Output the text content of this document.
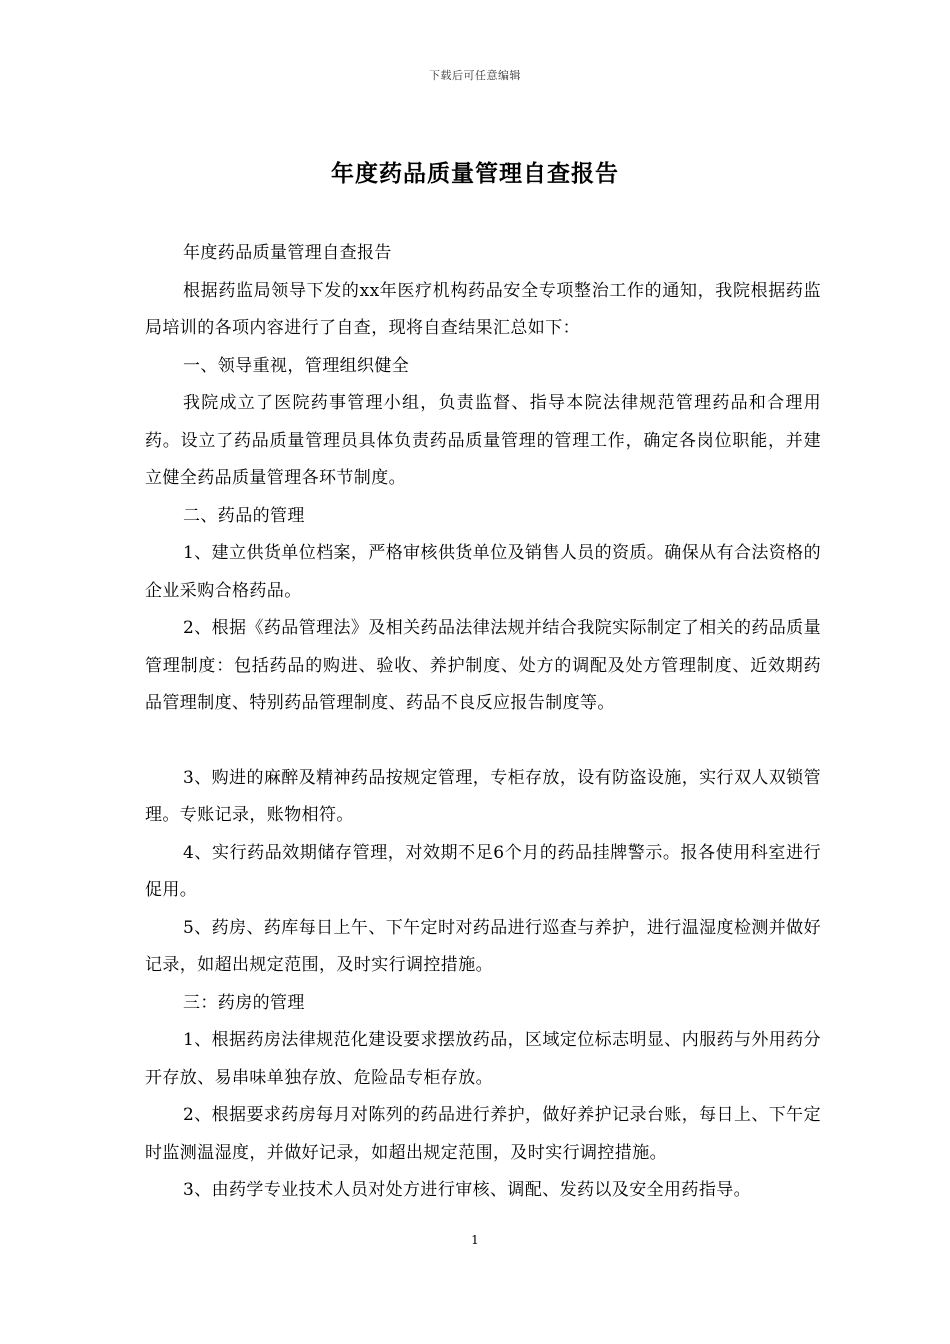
下载后可任意编辑
年度药品质量管理自查报告

年度药品质量管理自查报告

根据药监局领导下发的xx年医疗机构药品安全专项整治工作的通知，我院根据药监局培训的各项内容进行了自查，现将自查结果汇总如下：

一、领导重视，管理组织健全

我院成立了医院药事管理小组，负责监督、指导本院法律规范管理药品和合理用药。设立了药品质量管理员具体负责药品质量管理的管理工作，确定各岗位职能，并建立健全药品质量管理各环节制度。

二、药品的管理

1、建立供货单位档案，严格审核供货单位及销售人员的资质。确保从有合法资格的企业采购合格药品。

2、根据《药品管理法》及相关药品法律法规并结合我院实际制定了相关的药品质量管理制度：包括药品的购进、验收、养护制度、处方的调配及处方管理制度、近效期药品管理制度、特别药品管理制度、药品不良反应报告制度等。

3、购进的麻醉及精神药品按规定管理，专柜存放，设有防盗设施，实行双人双锁管理。专账记录，账物相符。

4、实行药品效期储存管理，对效期不足6个月的药品挂牌警示。报各使用科室进行促用。

5、药房、药库每日上午、下午定时对药品进行巡查与养护，进行温湿度检测并做好记录，如超出规定范围，及时实行调控措施。

三：药房的管理

1、根据药房法律规范化建设要求摆放药品，区域定位标志明显、内服药与外用药分开存放、易串味单独存放、危险品专柜存放。

2、根据要求药房每月对陈列的药品进行养护，做好养护记录台账，每日上、下午定时监测温湿度，并做好记录，如超出规定范围，及时实行调控措施。

3、由药学专业技术人员对处方进行审核、调配、发药以及安全用药指导。

1
